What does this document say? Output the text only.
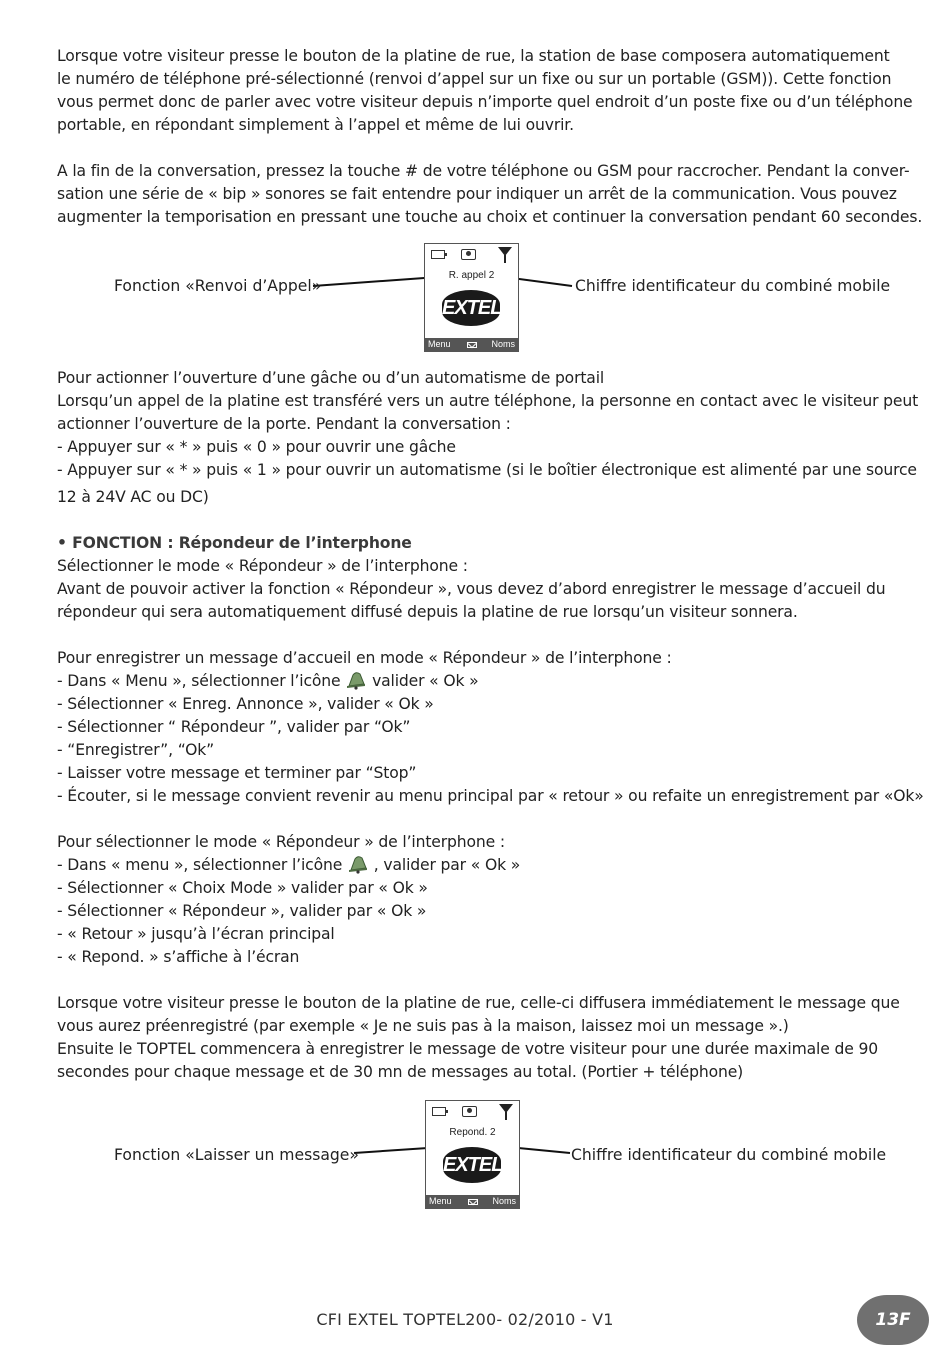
Lorsque votre visiteur presse le bouton de la platine de rue, la station de base composera automatiquement
le numéro de téléphone pré-sélectionné (renvoi d’appel sur un fixe ou sur un portable (GSM)). Cette fonction
vous permet donc de parler avec votre visiteur depuis n’importe quel endroit d’un poste fixe ou d’un téléphone
portable, en répondant simplement à l’appel et même de lui ouvrir.
A la fin de la conversation, pressez la touche # de votre téléphone ou GSM pour raccrocher. Pendant la conver-
sation une série de « bip » sonores se fait entendre pour indiquer un arrêt de la communication. Vous pouvez
augmenter la temporisation en pressant une touche au choix et continuer la conversation pendant 60 secondes.
Fonction «Renvoi d’Appel»	Chiffre identificateur du combiné mobile
R. appel 2
EXTEL
Menu	Noms
Pour actionner l’ouverture d’une gâche ou d’un automatisme de portail
Lorsqu’un appel de la platine est transféré vers un autre téléphone, la personne en contact avec le visiteur peut
actionner l’ouverture de la porte. Pendant la conversation :
- Appuyer sur « * » puis « 0 » pour ouvrir une gâche
- Appuyer sur « * » puis « 1 » pour ouvrir un automatisme (si le boîtier électronique est alimenté par une source
12 à 24V AC ou DC)
• FONCTION : Répondeur de l’interphone
Sélectionner le mode « Répondeur » de l’interphone :
Avant de pouvoir activer la fonction « Répondeur », vous devez d’abord enregistrer le message d’accueil du
répondeur qui sera automatiquement diffusé depuis la platine de rue lorsqu’un visiteur sonnera.
Pour enregistrer un message d’accueil en mode « Répondeur » de l’interphone :
- Dans « Menu », sélectionner l’icône  valider « Ok »
- Sélectionner « Enreg. Annonce », valider « Ok »
- Sélectionner “ Répondeur ”, valider par “Ok”
- “Enregistrer”, “Ok”
- Laisser votre message et terminer par “Stop”
- Écouter, si le message convient revenir au menu principal par « retour » ou refaite un enregistrement par «Ok»
Pour sélectionner le mode « Répondeur » de l’interphone :
- Dans « menu », sélectionner l’icône  , valider par « Ok »
- Sélectionner « Choix Mode » valider par « Ok »
- Sélectionner « Répondeur », valider par « Ok »
- « Retour » jusqu’à l’écran principal
- « Repond. » s’affiche à l’écran
Lorsque votre visiteur presse le bouton de la platine de rue, celle-ci diffusera immédiatement le message que
vous aurez préenregistré (par exemple « Je ne suis pas à la maison, laissez moi un message ».)
Ensuite le TOPTEL commencera à enregistrer le message de votre visiteur pour une durée maximale de 90
secondes pour chaque message et de 30 mn de messages au total. (Portier + téléphone)
Fonction «Laisser un message»	Chiffre identificateur du combiné mobile
Repond. 2
EXTEL
Menu	Noms
CFI EXTEL TOPTEL200- 02/2010 - V1	13F
